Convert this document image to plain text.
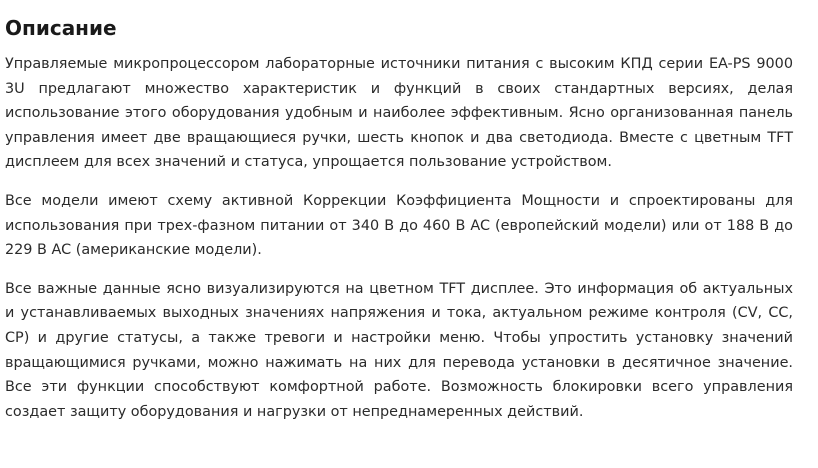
Описание

Управляемые микропроцессором лабораторные источники питания с высоким КПД серии EA-PS 9000 3U предлагают множество характеристик и функций в своих стандартных версиях, делая использование этого оборудования удобным и наиболее эффективным. Ясно организованная панель управления имеет две вращающиеся ручки, шесть кнопок и два светодиода. Вместе с цветным TFT дисплеем для всех значений и статуса, упрощается пользование устройством.

Все модели имеют схему активной Коррекции Коэффициента Мощности и спроектированы для использования при трех-фазном питании от 340 В до 460 В AC (европейский модели) или от 188 В до 229 В AC (американские модели).

Все важные данные ясно визуализируются на цветном TFT дисплее. Это информация об актуальных и устанавливаемых выходных значениях напряжения и тока, актуальном режиме контроля (CV, CC, CP) и другие статусы, а также тревоги и настройки меню. Чтобы упростить установку значений вращающимися ручками, можно нажимать на них для перевода установки в десятичное значение. Все эти функции способствуют комфортной работе. Возможность блокировки всего управления создает защиту оборудования и нагрузки от непреднамеренных действий.
